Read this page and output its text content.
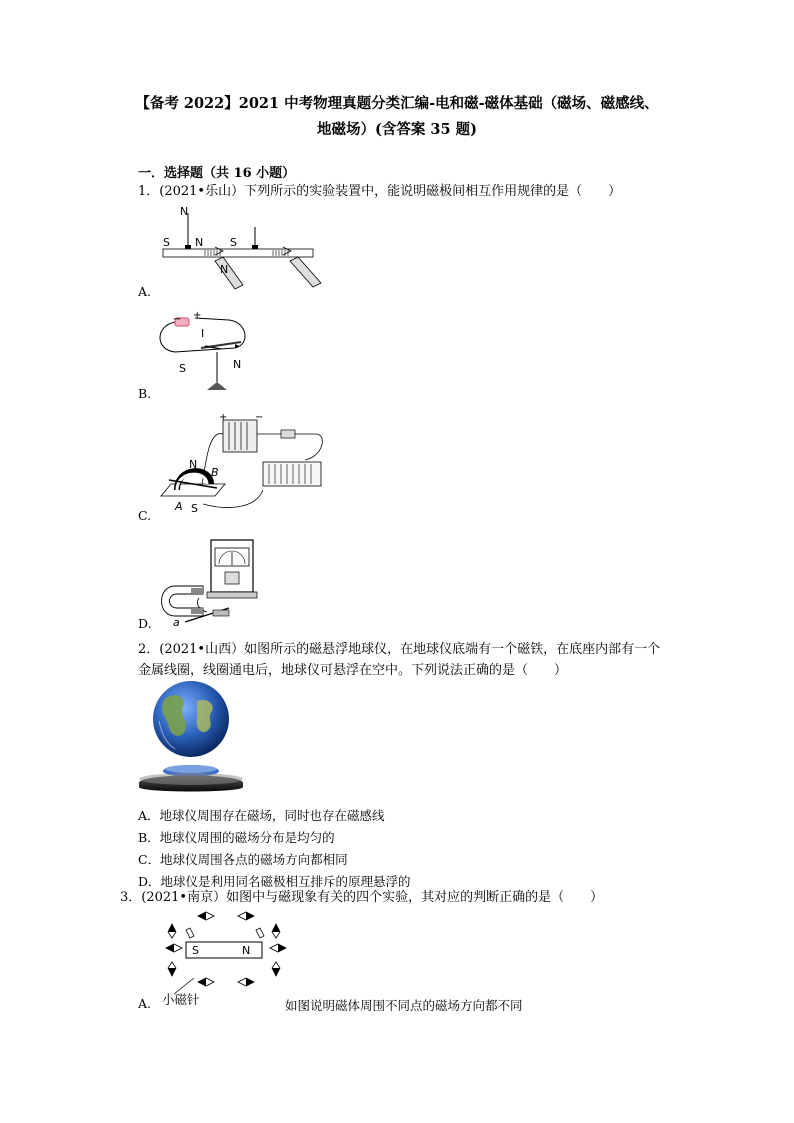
【备考 2022】2021 中考物理真题分类汇编-电和磁-磁体基础（磁场、磁感线、
地磁场）(含答案 35 题)
一．选择题（共 16 小题）
1．(2021•乐山）下列所示的实验装置中，能说明磁极间相互作用规律的是（　　）
N
S N S
N
A.
− +
I
S	N
B.
+	−
N
B
A S
C.
a
D.
2．(2021•山西）如图所示的磁悬浮地球仪，在地球仪底端有一个磁铁，在底座内部有一个
金属线圈，线圈通电后，地球仪可悬浮在空中。下列说法正确的是（　　）
A．地球仪周围存在磁场，同时也存在磁感线
B．地球仪周围的磁场分布是均匀的
C．地球仪周围各点的磁场方向都相同
D．地球仪是利用同名磁极相互排斥的原理悬浮的
3．(2021•南京）如图中与磁现象有关的四个实验，其对应的判断正确的是（　　）
S	N
A. 小磁针	如图说明磁体周围不同点的磁场方向都不同
